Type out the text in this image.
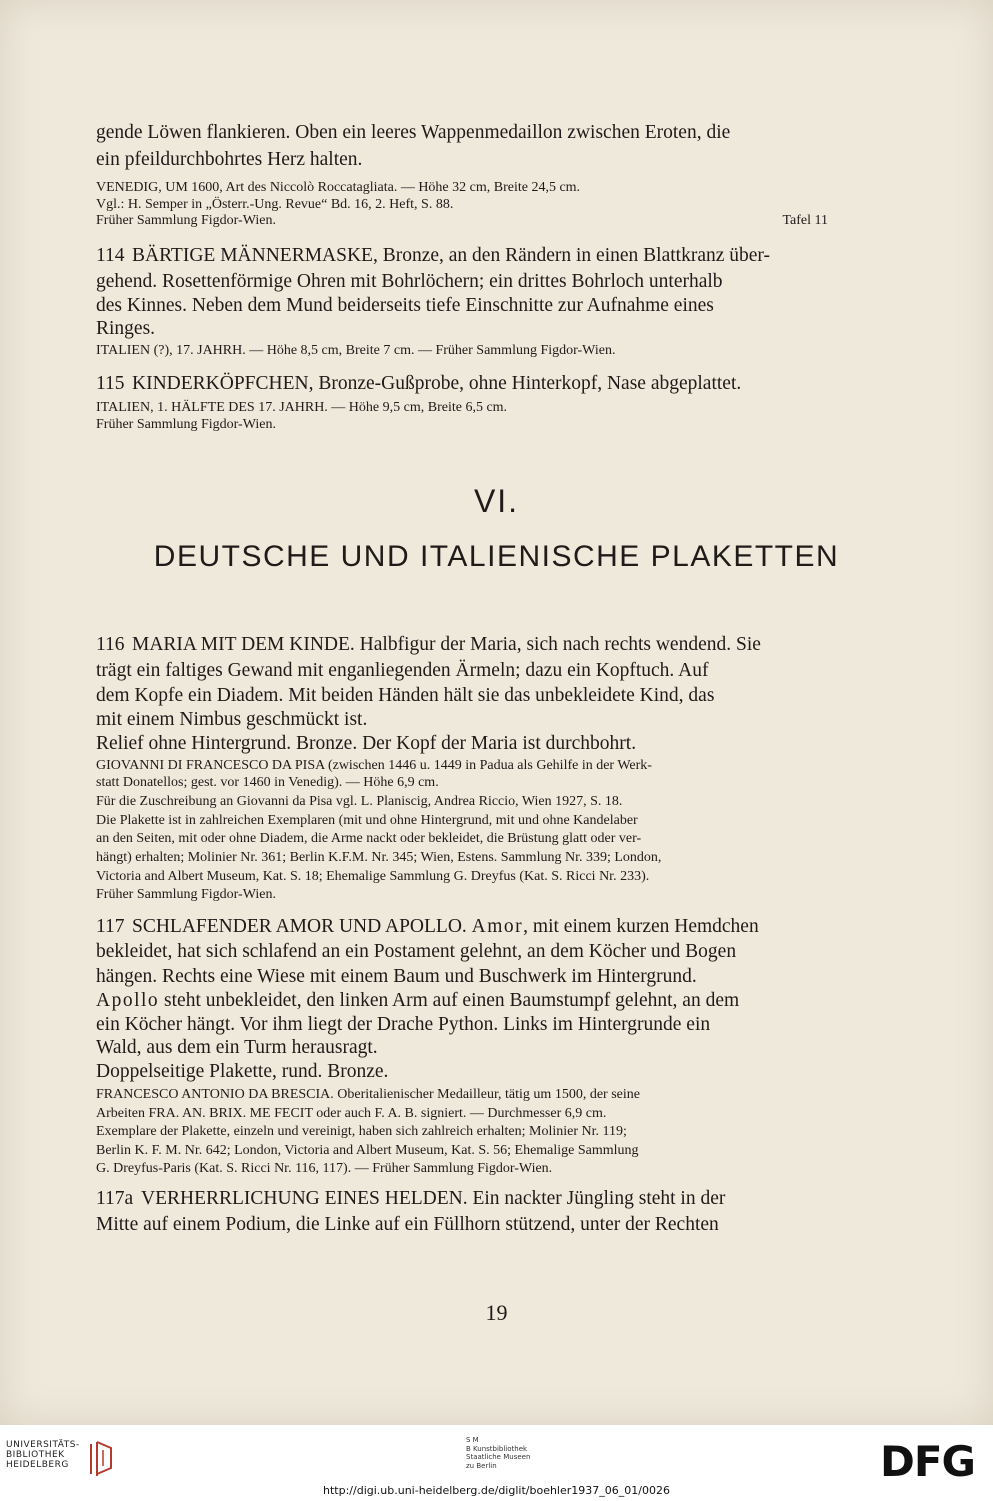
gende Löwen flankieren. Oben ein leeres Wappenmedaillon zwischen Eroten, die
ein pfeildurchbohrtes Herz halten.
VENEDIG, UM 1600, Art des Niccolò Roccatagliata. — Höhe 32 cm, Breite 24,5 cm.
Vgl.: H. Semper in „Österr.-Ung. Revue“ Bd. 16, 2. Heft, S. 88.
Früher Sammlung Figdor-Wien.	Tafel 11
114 BÄRTIGE MÄNNERMASKE, Bronze, an den Rändern in einen Blattkranz über-
gehend. Rosettenförmige Ohren mit Bohrlöchern; ein drittes Bohrloch unterhalb
des Kinnes. Neben dem Mund beiderseits tiefe Einschnitte zur Aufnahme eines
Ringes.
ITALIEN (?), 17. JAHRH. — Höhe 8,5 cm, Breite 7 cm. — Früher Sammlung Figdor-Wien.
115 KINDERKÖPFCHEN, Bronze-Gußprobe, ohne Hinterkopf, Nase abgeplattet.
ITALIEN, 1. HÄLFTE DES 17. JAHRH. — Höhe 9,5 cm, Breite 6,5 cm.
Früher Sammlung Figdor-Wien.
VI.
DEUTSCHE UND ITALIENISCHE PLAKETTEN
116 MARIA MIT DEM KINDE. Halbfigur der Maria, sich nach rechts wendend. Sie
trägt ein faltiges Gewand mit enganliegenden Ärmeln; dazu ein Kopftuch. Auf
dem Kopfe ein Diadem. Mit beiden Händen hält sie das unbekleidete Kind, das
mit einem Nimbus geschmückt ist.
Relief ohne Hintergrund. Bronze. Der Kopf der Maria ist durchbohrt.
GIOVANNI DI FRANCESCO DA PISA (zwischen 1446 u. 1449 in Padua als Gehilfe in der Werk-
statt Donatellos; gest. vor 1460 in Venedig). — Höhe 6,9 cm.
Für die Zuschreibung an Giovanni da Pisa vgl. L. Planiscig, Andrea Riccio, Wien 1927, S. 18.
Die Plakette ist in zahlreichen Exemplaren (mit und ohne Hintergrund, mit und ohne Kandelaber
an den Seiten, mit oder ohne Diadem, die Arme nackt oder bekleidet, die Brüstung glatt oder ver-
hängt) erhalten; Molinier Nr. 361; Berlin K.F.M. Nr. 345; Wien, Estens. Sammlung Nr. 339; London,
Victoria and Albert Museum, Kat. S. 18; Ehemalige Sammlung G. Dreyfus (Kat. S. Ricci Nr. 233).
Früher Sammlung Figdor-Wien.
117 SCHLAFENDER AMOR UND APOLLO. Amor, mit einem kurzen Hemdchen
bekleidet, hat sich schlafend an ein Postament gelehnt, an dem Köcher und Bogen
hängen. Rechts eine Wiese mit einem Baum und Buschwerk im Hintergrund.
Apollo steht unbekleidet, den linken Arm auf einen Baumstumpf gelehnt, an dem
ein Köcher hängt. Vor ihm liegt der Drache Python. Links im Hintergrunde ein
Wald, aus dem ein Turm herausragt.
Doppelseitige Plakette, rund. Bronze.
FRANCESCO ANTONIO DA BRESCIA. Oberitalienischer Medailleur, tätig um 1500, der seine
Arbeiten FRA. AN. BRIX. ME FECIT oder auch F. A. B. signiert. — Durchmesser 6,9 cm.
Exemplare der Plakette, einzeln und vereinigt, haben sich zahlreich erhalten; Molinier Nr. 119;
Berlin K. F. M. Nr. 642; London, Victoria and Albert Museum, Kat. S. 56; Ehemalige Sammlung
G. Dreyfus-Paris (Kat. S. Ricci Nr. 116, 117). — Früher Sammlung Figdor-Wien.
117a VERHERRLICHUNG EINES HELDEN. Ein nackter Jüngling steht in der
Mitte auf einem Podium, die Linke auf ein Füllhorn stützend, unter der Rechten
19
UNIVERSITÄTS-
BIBLIOTHEK
HEIDELBERG
S M
B Kunstbibliothek
Staatliche Museen
zu Berlin	DFG
http://digi.ub.uni-heidelberg.de/diglit/boehler1937_06_01/0026
